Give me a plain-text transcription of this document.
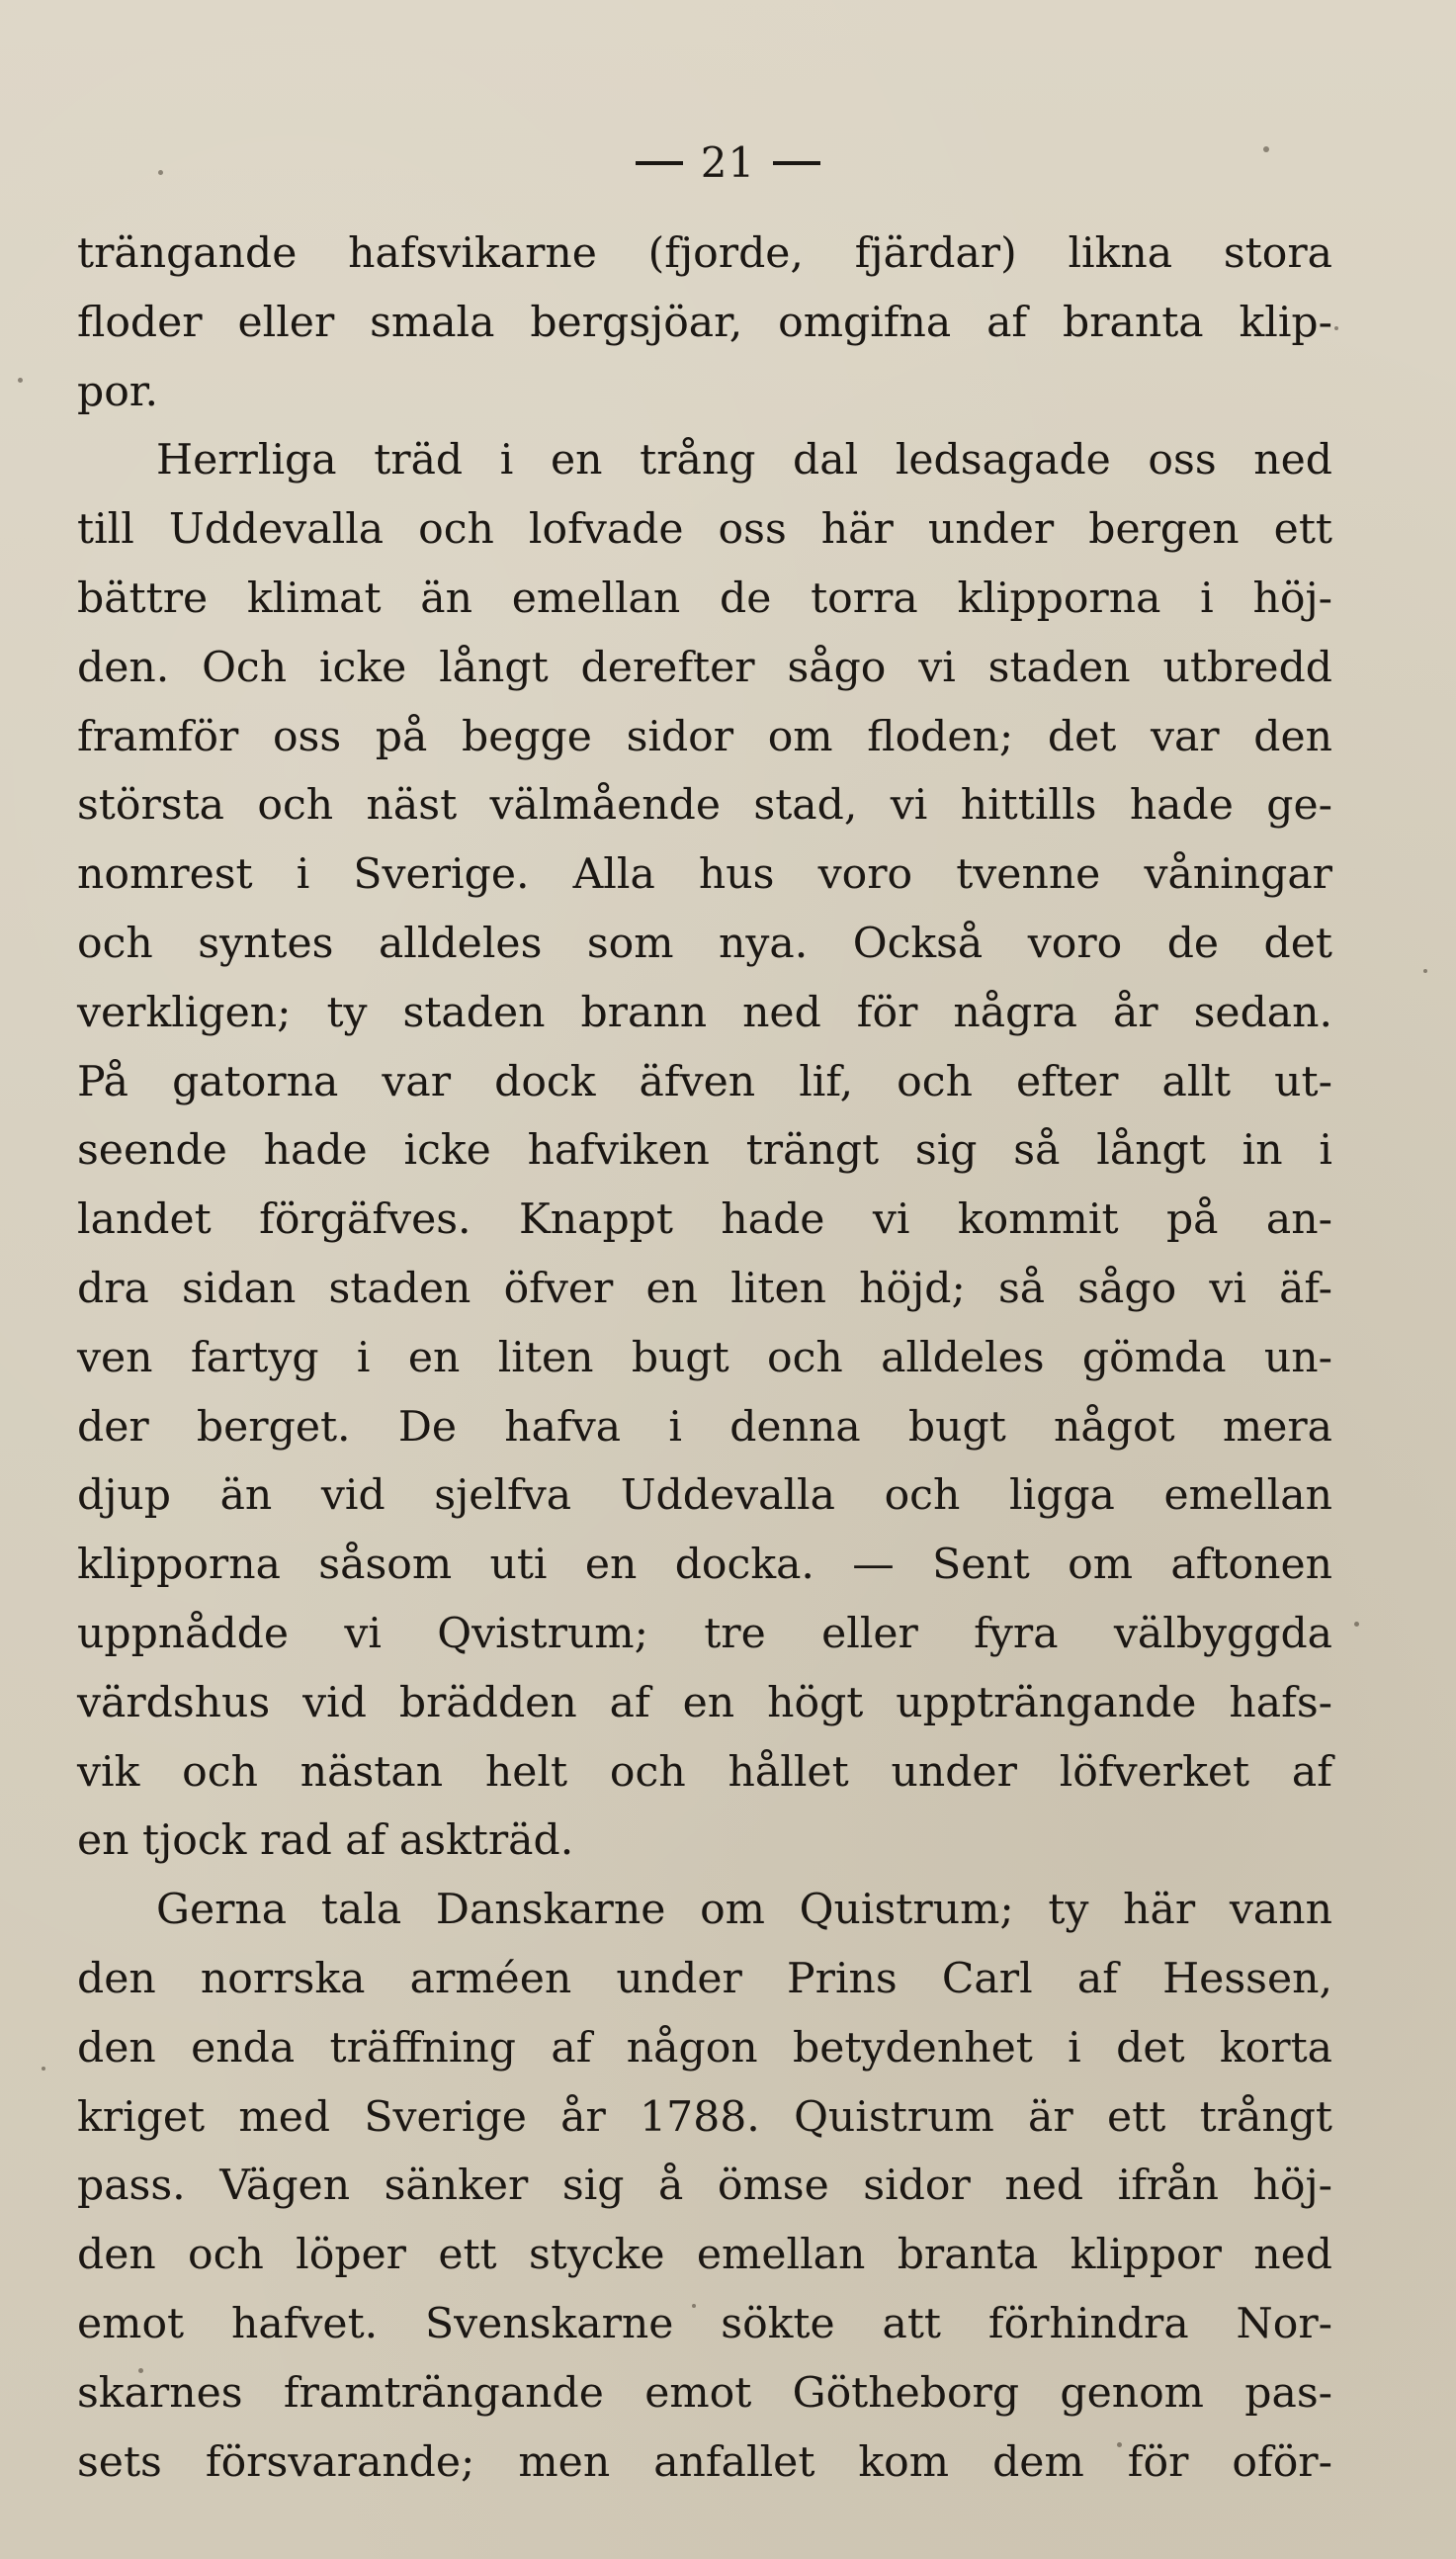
21
trängande hafsvikarne (fjorde, fjärdar) likna stora
floder eller smala bergsjöar, omgifna af branta klip-
por.
Herrliga träd i en trång dal ledsagade oss ned
till Uddevalla och lofvade oss här under bergen ett
bättre klimat än emellan de torra klipporna i höj-
den. Och icke långt derefter sågo vi staden utbredd
framför oss på begge sidor om floden; det var den
största och näst välmående stad, vi hittills hade ge-
nomrest i Sverige. Alla hus voro tvenne våningar
och syntes alldeles som nya. Också voro de det
verkligen; ty staden brann ned för några år sedan.
På gatorna var dock äfven lif, och efter allt ut-
seende hade icke hafviken trängt sig så långt in i
landet förgäfves. Knappt hade vi kommit på an-
dra sidan staden öfver en liten höjd; så sågo vi äf-
ven fartyg i en liten bugt och alldeles gömda un-
der berget. De hafva i denna bugt något mera
djup än vid sjelfva Uddevalla och ligga emellan
klipporna såsom uti en docka. — Sent om aftonen
uppnådde vi Qvistrum; tre eller fyra välbyggda
värdshus vid brädden af en högt uppträngande hafs-
vik och nästan helt och hållet under löfverket af
en tjock rad af askträd.
Gerna tala Danskarne om Quistrum; ty här vann
den norrska arméen under Prins Carl af Hessen,
den enda träffning af någon betydenhet i det korta
kriget med Sverige år 1788. Quistrum är ett trångt
pass. Vägen sänker sig å ömse sidor ned ifrån höj-
den och löper ett stycke emellan branta klippor ned
emot hafvet. Svenskarne sökte att förhindra Nor-
skarnes framträngande emot Götheborg genom pas-
sets försvarande; men anfallet kom dem för oför-
